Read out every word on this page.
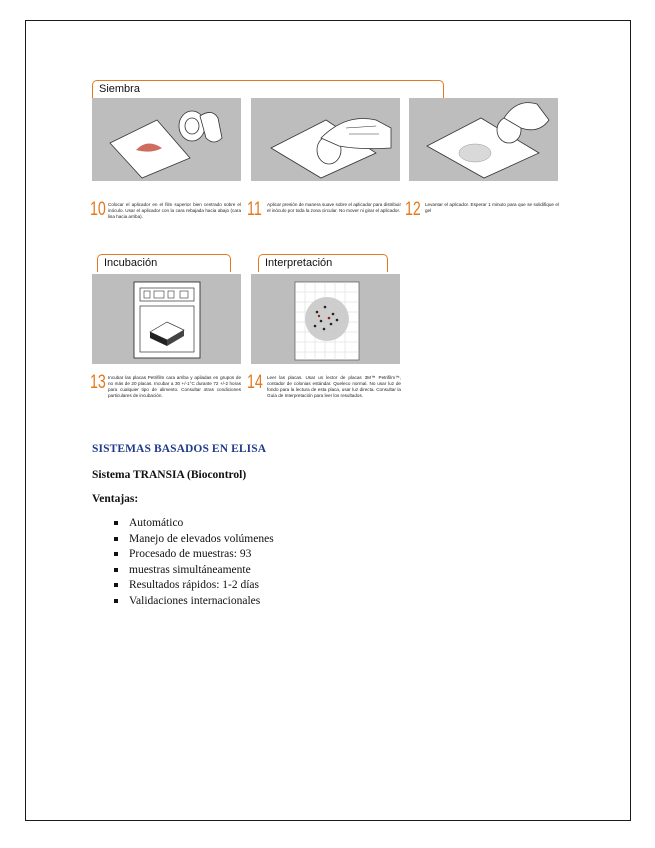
Siembra
10 Colocar el aplicador en el film superior bien centrado sobre el inóculo. Usar el aplicador con la cara rebajada hacia abajo (cara lisa hacia arriba).	11 Aplicar presión de manera suave sobre el aplicador para distribuir el inóculo por toda la zona circular. No mover ni girar el aplicador. 12 Levantar el aplicador. Esperar 1 minuto para que se solidifique el gel
Incubación	Interpretación
13 Incubar las placas Petrifilm cara arriba y apiladas en grupos de no más de 20 placas. Incubar a 30 +/-1°C durante 72 +/-2 horas para cualquier tipo de alimento. Consultar otras condiciones particulares de incubación.
14 Leer las placas. Usar un lector de placas 3M™ Petrifilm™, contador de colonias estándar. Queleco normal. No usar luz de fondo para la lectura de esta placa, usar luz directa. Consultar la Guía de Interpretación para leer los resultados.
SISTEMAS BASADOS EN ELISA
Sistema TRANSIA (Biocontrol)
Ventajas:
Automático
Manejo de elevados volúmenes
Procesado de muestras: 93
muestras simultáneamente
Resultados rápidos: 1-2 días
Validaciones internacionales
